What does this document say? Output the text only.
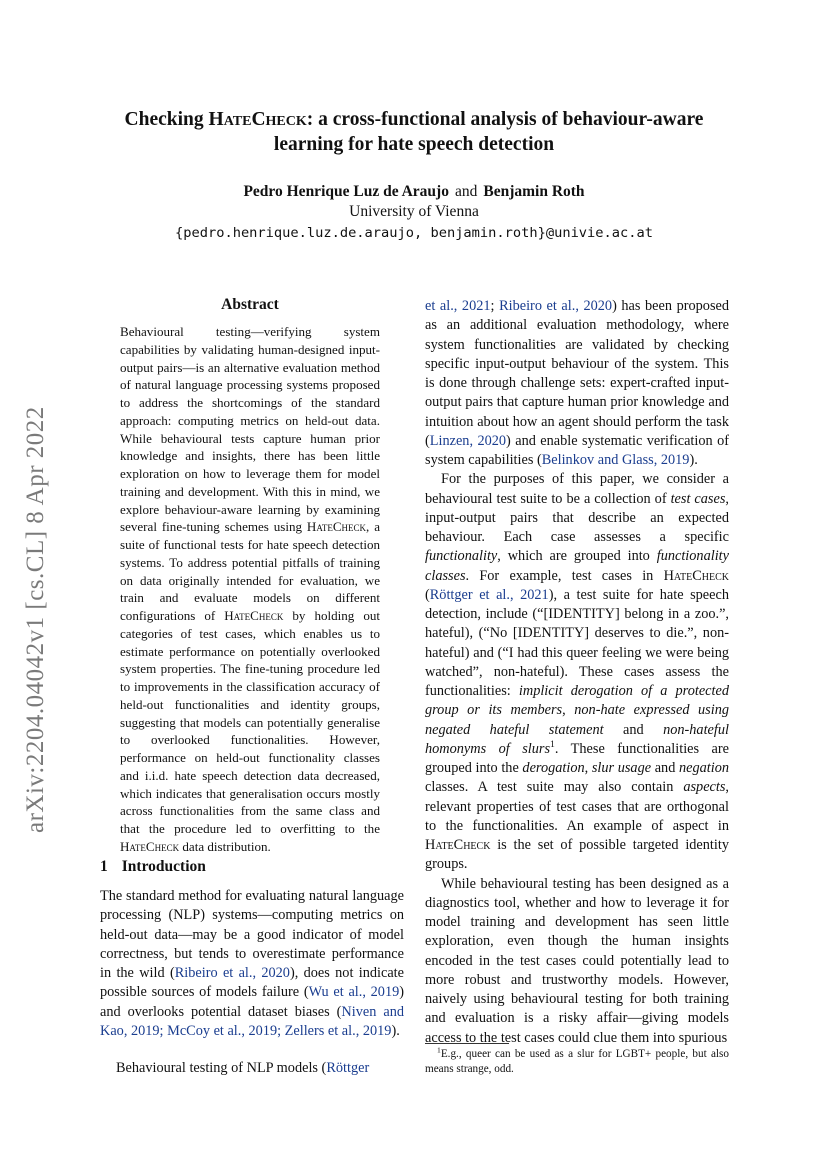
arXiv:2204.04042v1 [cs.CL] 8 Apr 2022
Checking HateCheck: a cross-functional analysis of behaviour-aware learning for hate speech detection
Pedro Henrique Luz de Araujo and Benjamin Roth
University of Vienna
{pedro.henrique.luz.de.araujo, benjamin.roth}@univie.ac.at
Abstract

Behavioural testing—verifying system capabilities by validating human-designed input-output pairs—is an alternative evaluation method of natural language processing systems proposed to address the shortcomings of the standard approach: computing metrics on held-out data. While behavioural tests capture human prior knowledge and insights, there has been little exploration on how to leverage them for model training and development. With this in mind, we explore behaviour-aware learning by examining several fine-tuning schemes using HateCheck, a suite of functional tests for hate speech detection systems. To address potential pitfalls of training on data originally intended for evaluation, we train and evaluate models on different configurations of HateCheck by holding out categories of test cases, which enables us to estimate performance on potentially overlooked system properties. The fine-tuning procedure led to improvements in the classification accuracy of held-out functionalities and identity groups, suggesting that models can potentially generalise to overlooked functionalities. However, performance on held-out functionality classes and i.i.d. hate speech detection data decreased, which indicates that generalisation occurs mostly across functionalities from the same class and that the procedure led to overfitting to the HateCheck data distribution.

1 Introduction

The standard method for evaluating natural language processing (NLP) systems—computing metrics on held-out data—may be a good indicator of model correctness, but tends to overestimate performance in the wild (Ribeiro et al., 2020), does not indicate possible sources of models failure (Wu et al., 2019) and overlooks potential dataset biases (Niven and Kao, 2019; McCoy et al., 2019; Zellers et al., 2019).

Behavioural testing of NLP models (Röttger

et al., 2021; Ribeiro et al., 2020) has been proposed as an additional evaluation methodology, where system functionalities are validated by checking specific input-output behaviour of the system. This is done through challenge sets: expert-crafted input-output pairs that capture human prior knowledge and intuition about how an agent should perform the task (Linzen, 2020) and enable systematic verification of system capabilities (Belinkov and Glass, 2019).

For the purposes of this paper, we consider a behavioural test suite to be a collection of test cases, input-output pairs that describe an expected behaviour. Each case assesses a specific functionality, which are grouped into functionality classes. For example, test cases in HateCheck (Röttger et al., 2021), a test suite for hate speech detection, include (“[IDENTITY] belong in a zoo.”, hateful), (“No [IDENTITY] deserves to die.”, non-hateful) and (“I had this queer feeling we were being watched”, non-hateful). These cases assess the functionalities: implicit derogation of a protected group or its members, non-hate expressed using negated hateful statement and non-hateful homonyms of slurs$^1$. These functionalities are grouped into the derogation, slur usage and negation classes. A test suite may also contain aspects, relevant properties of test cases that are orthogonal to the functionalities. An example of aspect in HateCheck is the set of possible targeted identity groups.

While behavioural testing has been designed as a diagnostics tool, whether and how to leverage it for model training and development has seen little exploration, even though the human insights encoded in the test cases could potentially lead to more robust and trustworthy models. However, naively using behavioural testing for both training and evaluation is a risky affair—giving models access to the test cases could clue them into spurious

$^1$E.g., queer can be used as a slur for LGBT+ people, but also means strange, odd.
